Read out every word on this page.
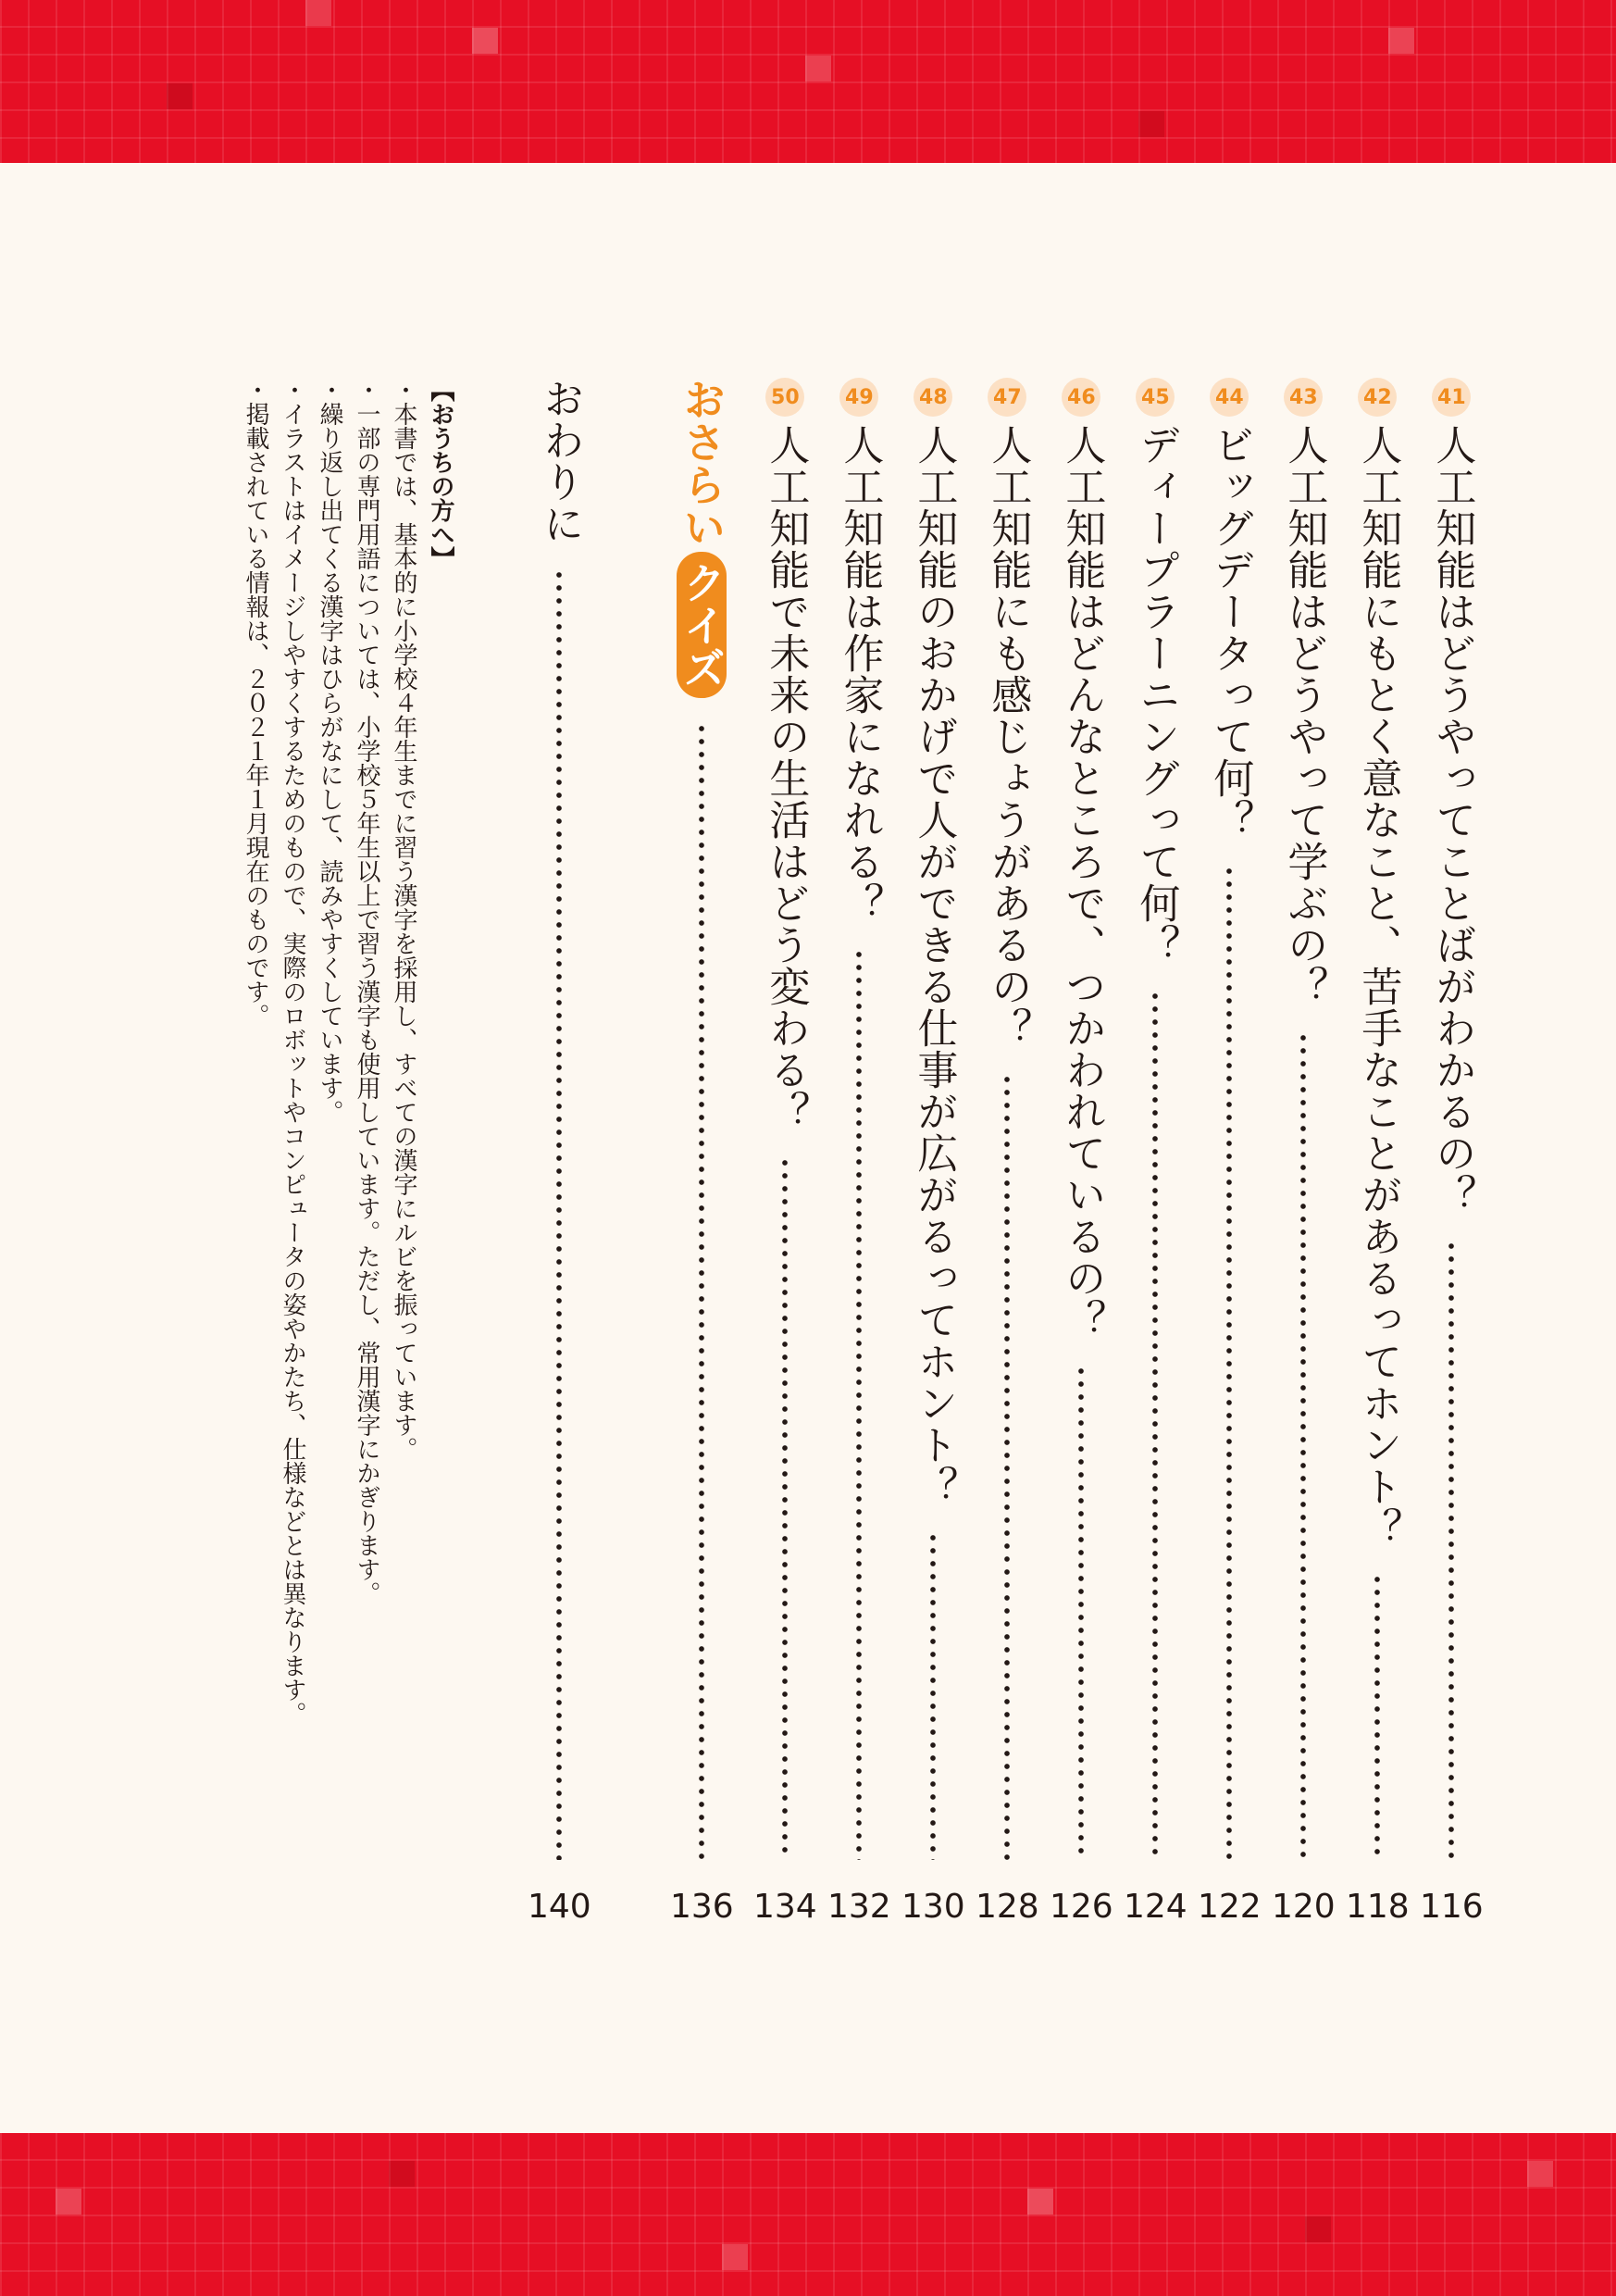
41
人工知能はどうやってことばがわかるの？
116
42
人工知能にもとく意なこと、苦手なことがあるってホント？
118
43
人工知能はどうやって学ぶの？
120
44
ビッグデータって何？
122
45
ディープラーニングって何？
124
46
人工知能はどんなところで、つかわれているの？
126
47
人工知能にも感じょうがあるの？
128
48
人工知能のおかげで人ができる仕事が広がるってホント？
130
49
人工知能は作家になれる？
132
50
人工知能で未来の生活はどう変わる？
134
おさらい
クイズ
136
おわりに
140

【おうちの方へ】

・本書では、基本的に小学校４年生までに習う漢字を採用し、すべての漢字にルビを振っています。

・一部の専門用語については、小学校５年生以上で習う漢字も使用しています。ただし、常用漢字にかぎります。

・繰り返し出てくる漢字はひらがなにして、読みやすくしています。

・イラストはイメージしやすくするためのもので、実際のロボットやコンピュータの姿やかたち、仕様などとは異なります。

・掲載されている情報は、２０２１年１月現在のものです。
